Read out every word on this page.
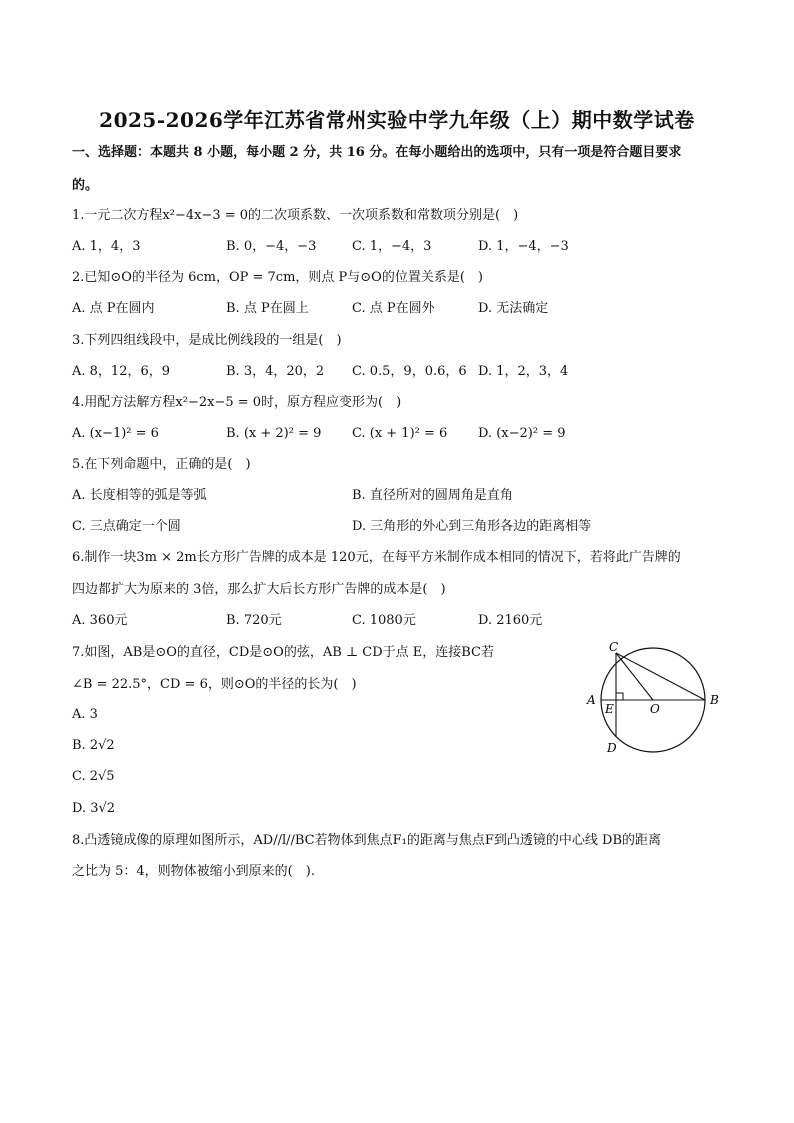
2025-2026学年江苏省常州实验中学九年级（上）期中数学试卷
一、选择题：本题共 8 小题，每小题 2 分，共 16 分。在每小题给出的选项中，只有一项是符合题目要求
的。
1.一元二次方程x²−4x−3 = 0的二次项系数、一次项系数和常数项分别是(　)
A. 1，4，3	B. 0，−4，−3	C. 1，−4，3	D. 1，−4，−3
2.已知⊙O的半径为 6cm，OP = 7cm，则点 P与⊙O的位置关系是(　)
A. 点 P在圆内	B. 点 P在圆上	C. 点 P在圆外	D. 无法确定
3.下列四组线段中，是成比例线段的一组是(　)
A. 8，12，6，9	B. 3，4，20，2 C. 0.5，9，0.6，6 D. 1，2，3，4
4.用配方法解方程x²−2x−5 = 0时，原方程应变形为(　)
A. (x−1)² = 6	B. (x + 2)² = 9 C. (x + 1)² = 6 D. (x−2)² = 9
5.在下列命题中，正确的是(　)
A. 长度相等的弧是等弧	B. 直径所对的圆周角是直角
C. 三点确定一个圆	D. 三角形的外心到三角形各边的距离相等
6.制作一块3m × 2m长方形广告牌的成本是 120元，在每平方米制作成本相同的情况下，若将此广告牌的
四边都扩大为原来的 3倍，那么扩大后长方形广告牌的成本是(　)
A. 360元	B. 720元	C. 1080元	D. 2160元
7.如图，AB是⊙O的直径，CD是⊙O的弦，AB ⊥ CD于点 E，连接BC若
∠B = 22.5°，CD = 6，则⊙O的半径的长为(　)
A. 3
B. 2√2
C. 2√5
D. 3√2
C
A	B
E	O
D
8.凸透镜成像的原理如图所示，AD//l//BC若物体到焦点F₁的距离与焦点F到凸透镜的中心线 DB的距离
之比为 5：4，则物体被缩小到原来的(　).
